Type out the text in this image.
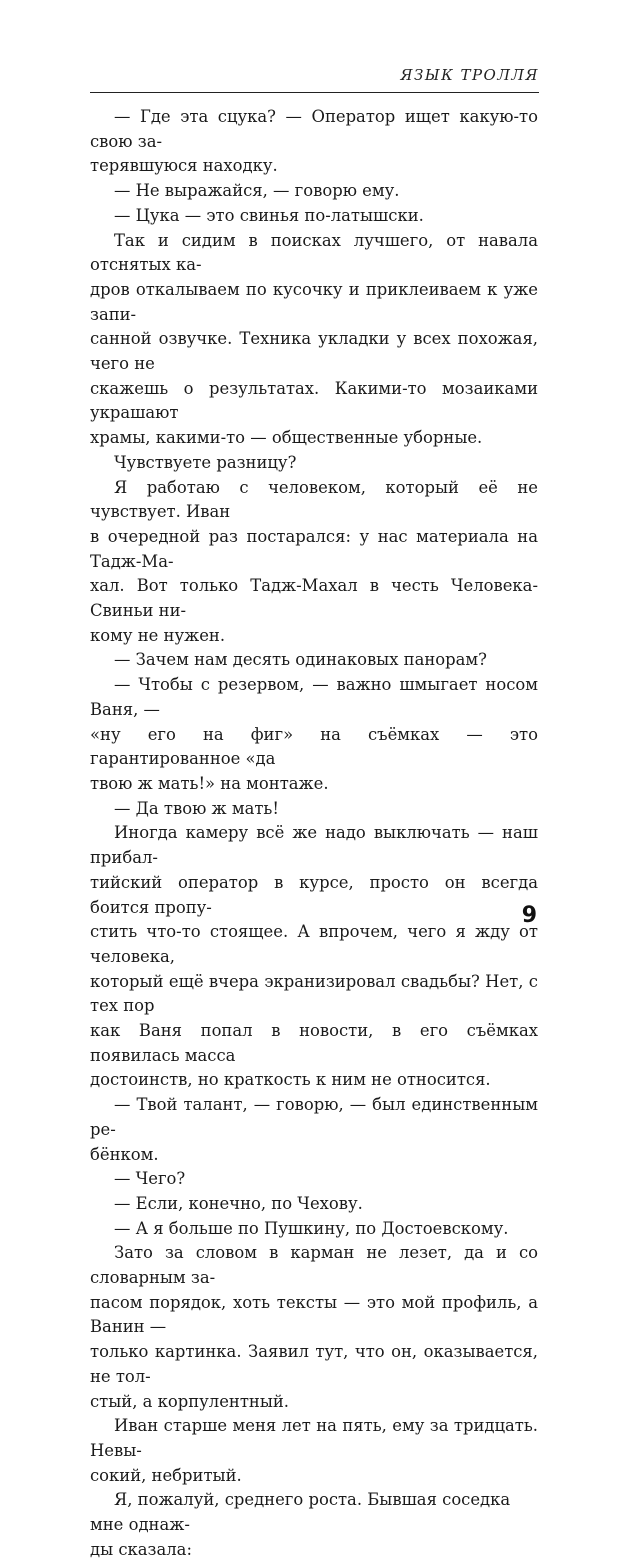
ЯЗЫК ТРОЛЛЯ

— Где эта сцука? — Оператор ищет какую-то свою за-
терявшуюся находку.

— Не выражайся, — говорю ему.

— Цука — это свинья по-латышски.

Так и сидим в поисках лучшего, от навала отснятых ка-
дров откалываем по кусочку и приклеиваем к уже запи-
санной озвучке. Техника укладки у всех похожая, чего не
скажешь о результатах. Какими-то мозаиками украшают
храмы, какими-то — общественные уборные.

Чувствуете разницу?

Я работаю с человеком, который её не чувствует. Иван
в очередной раз постарался: у нас материала на Тадж-Ма-
хал. Вот только Тадж-Махал в честь Человека-Свиньи ни-
кому не нужен.

— Зачем нам десять одинаковых панорам?

— Чтобы с резервом, — важно шмыгает носом Ваня, —
«ну его на фиг» на съёмках — это гарантированное «да
твою ж мать!» на монтаже.

— Да твою ж мать!

Иногда камеру всё же надо выключать — наш прибал-
тийский оператор в курсе, просто он всегда боится пропу-
стить что-то стоящее. А впрочем, чего я жду от человека,
который ещё вчера экранизировал свадьбы? Нет, с тех пор
как Ваня попал в новости, в его съёмках появилась масса
достоинств, но краткость к ним не относится.

— Твой талант, — говорю, — был единственным ре-
бёнком.

— Чего?

— Если, конечно, по Чехову.

— А я больше по Пушкину, по Достоевскому.

Зато за словом в карман не лезет, да и со словарным за-
пасом порядок, хоть тексты — это мой профиль, а Ванин —
только картинка. Заявил тут, что он, оказывается, не тол-
стый, а корпулентный.

Иван старше меня лет на пять, ему за тридцать. Невы-
сокий, небритый.

Я, пожалуй, среднего роста. Бывшая соседка мне однаж-
ды сказала:

9
